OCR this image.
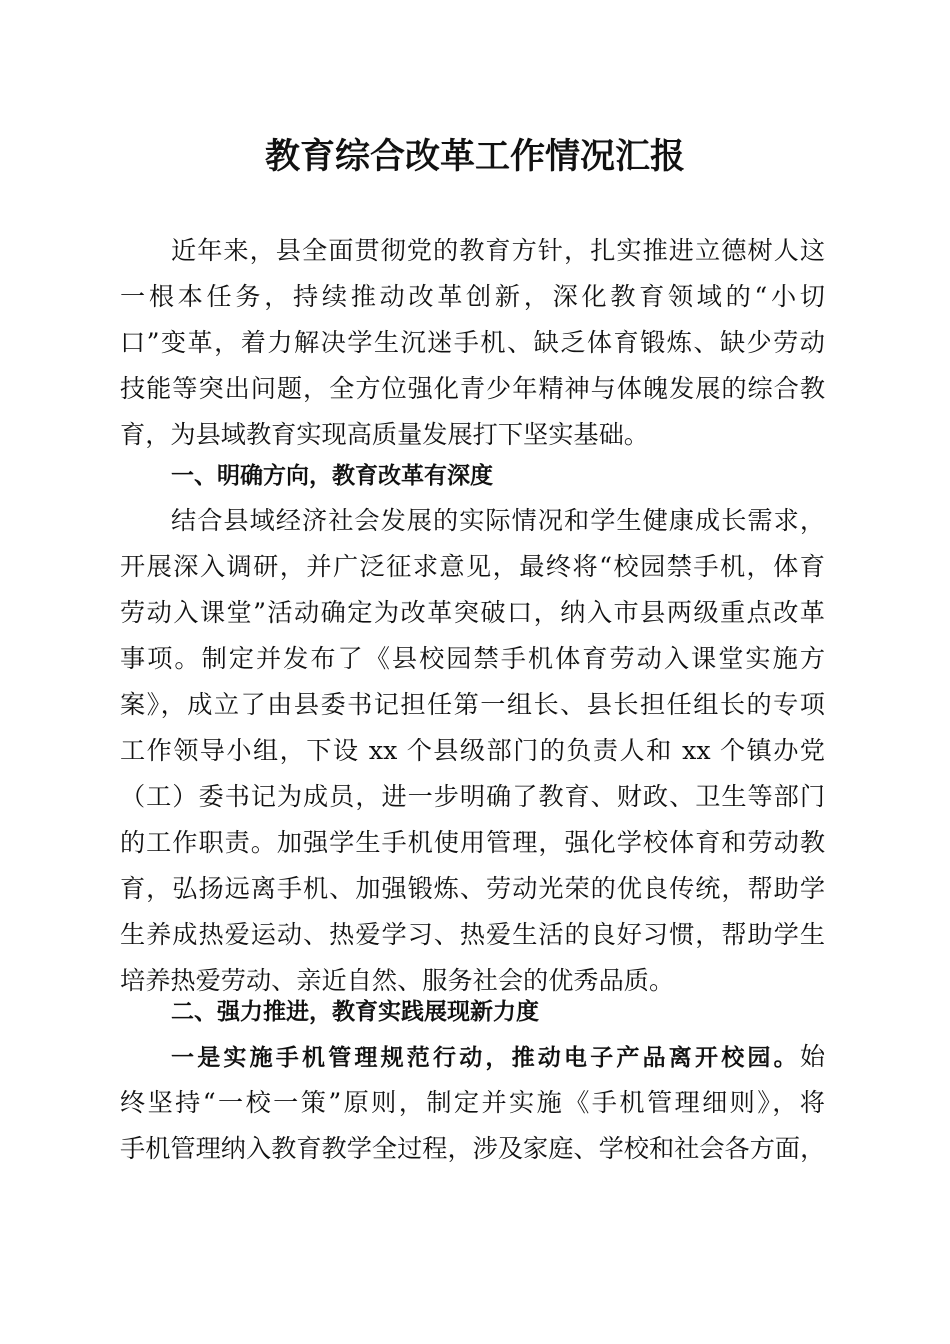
教育综合改革工作情况汇报

近年来，县全面贯彻党的教育方针，扎实推进立德树人这

一根本任务，持续推动改革创新，深化教育领域的“小切

口”变革，着力解决学生沉迷手机、缺乏体育锻炼、缺少劳动

技能等突出问题，全方位强化青少年精神与体魄发展的综合教

育，为县域教育实现高质量发展打下坚实基础。

一、明确方向，教育改革有深度

结合县域经济社会发展的实际情况和学生健康成长需求，

开展深入调研，并广泛征求意见，最终将“校园禁手机，体育

劳动入课堂”活动确定为改革突破口，纳入市县两级重点改革

事项。制定并发布了《县校园禁手机体育劳动入课堂实施方

案》，成立了由县委书记担任第一组长、县长担任组长的专项

工作领导小组，下设 xx 个县级部门的负责人和 xx 个镇办党

（工）委书记为成员，进一步明确了教育、财政、卫生等部门

的工作职责。加强学生手机使用管理，强化学校体育和劳动教

育，弘扬远离手机、加强锻炼、劳动光荣的优良传统，帮助学

生养成热爱运动、热爱学习、热爱生活的良好习惯，帮助学生

培养热爱劳动、亲近自然、服务社会的优秀品质。

二、强力推进，教育实践展现新力度

一是实施手机管理规范行动，推动电子产品离开校园。始

终坚持“一校一策”原则，制定并实施《手机管理细则》，将

手机管理纳入教育教学全过程，涉及家庭、学校和社会各方面，
